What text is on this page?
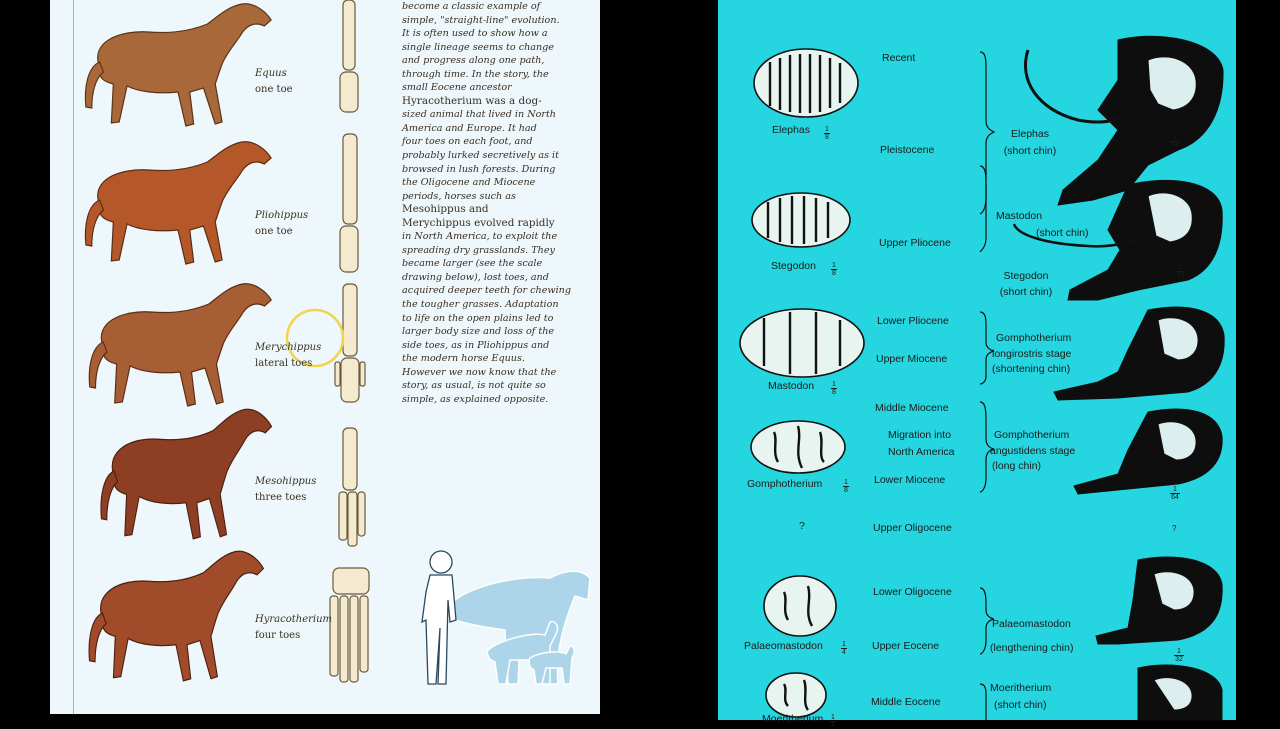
Equus
one toe
Pliohippus
one toe
Merychippus
lateral toes
Mesohippus
three toes
Hyracotherium
four toes
become a classic example of
simple, "straight-line" evolution.
It is often used to show how a
single lineage seems to change
and progress along one path,
through time. In the story, the
small Eocene ancestor
Hyracotherium was a dog-
sized animal that lived in North
America and Europe. It had
four toes on each foot, and
probably lurked secretively as it
browsed in lush forests. During
the Oligocene and Miocene
periods, horses such as
Mesohippus and
Merychippus evolved rapidly
in North America, to exploit the
spreading dry grasslands. They
became larger (see the scale
drawing below), lost toes, and
acquired deeper teeth for chewing
the tougher grasses. Adaptation
to life on the open plains led to
larger body size and loss of the
side toes, as in Pliohippus and
the modern horse Equus.
However we now know that the
story, as usual, is not quite so
simple, as explained opposite.
Elephas $\frac{1}{8}$
Stegodon $\frac{1}{8}$
Mastodon $\frac{1}{8}$
Gomphotherium	$\frac{1}{8}$
?
Palaeomastodon	$\frac{1}{4}$
Moeritherium $\frac{1}{4}$
Recent
Pleistocene
Upper Pliocene
Lower Pliocene
Upper Miocene
Middle Miocene
Migration into
North America
Lower Miocene
Upper Oligocene
Lower Oligocene
Upper Eocene
Middle Eocene
Elephas
(short chin)
Mastodon
(short chin)
Stegodon
(short chin)
Gomphotherium
longirostris stage
(shortening chin)
Gomphotherium
angustidens stage
(long chin)
Palaeomastodon
(lengthening chin)
Moeritherium
(short chin)
$\frac{1}{64}$
$\frac{1}{64}$
$\frac{1}{64}$
?
$\frac{1}{32}$
